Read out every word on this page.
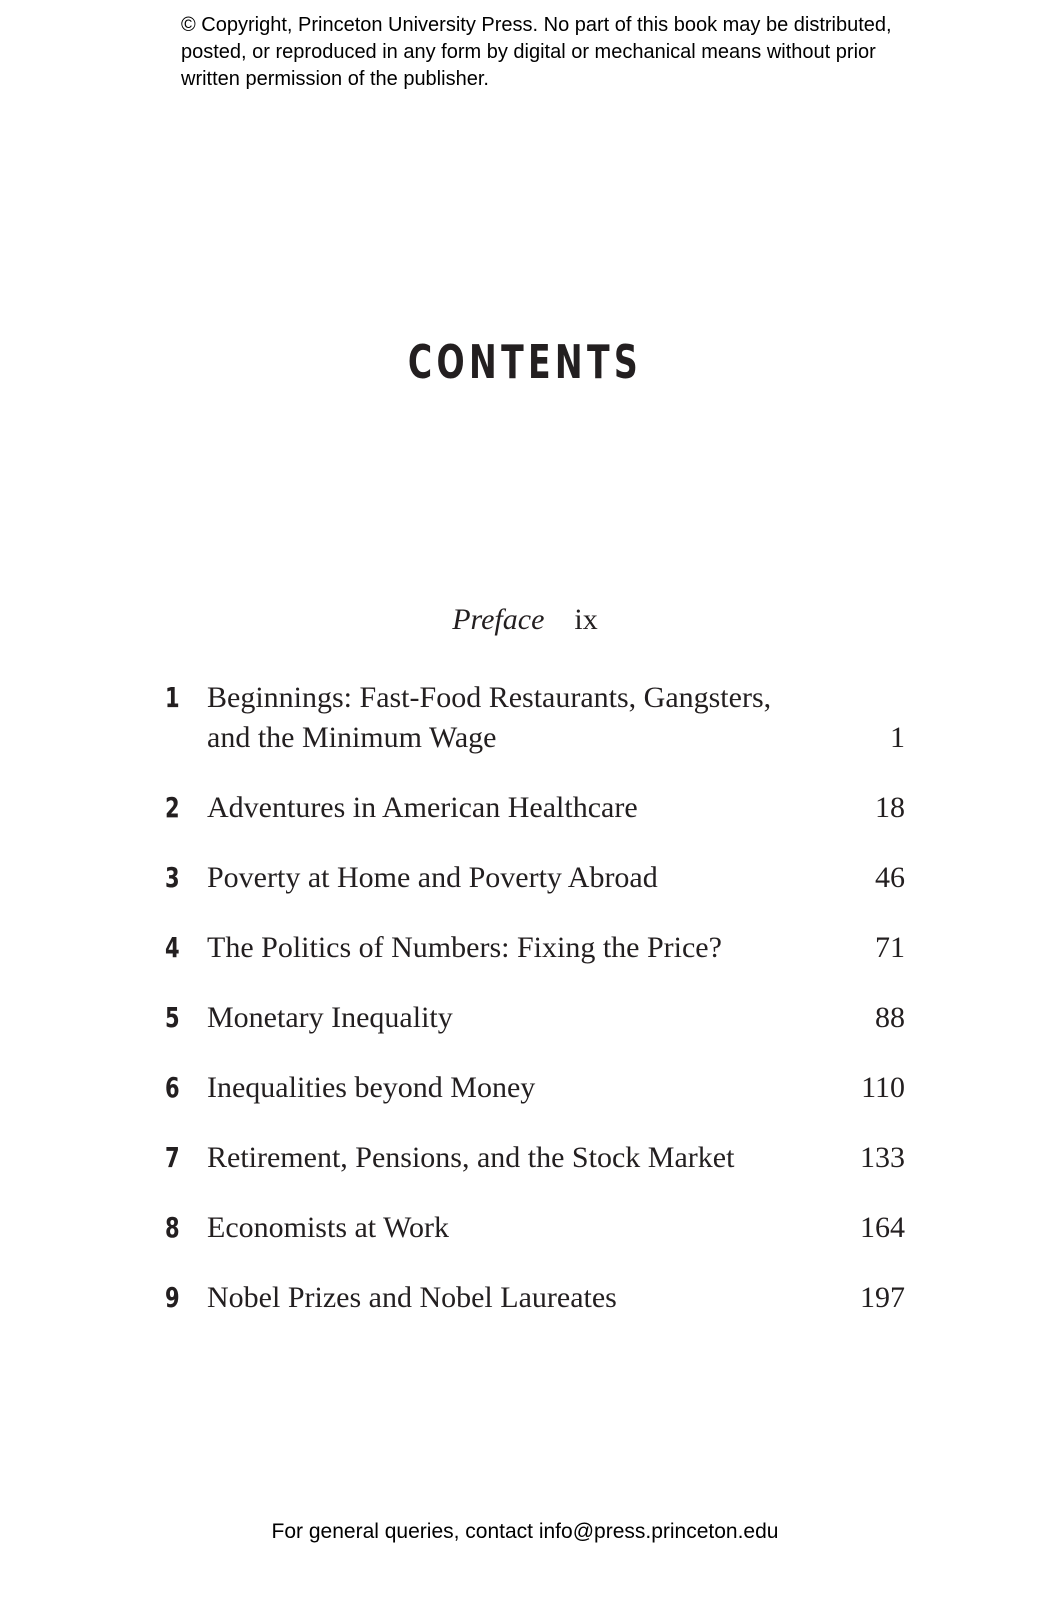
© Copyright, Princeton University Press. No part of this book may be distributed, posted, or reproduced in any form by digital or mechanical means without prior written permission of the publisher.
CONTENTS
Preface ix
1 Beginnings: Fast-Food Restaurants, Gangsters, and the Minimum Wage	1
2 Adventures in American Healthcare	18
3 Poverty at Home and Poverty Abroad	46
4 The Politics of Numbers: Fixing the Price?	71
5 Monetary Inequality	88
6 Inequalities beyond Money	110
7 Retirement, Pensions, and the Stock Market	133
8 Economists at Work	164
9 Nobel Prizes and Nobel Laureates	197
For general queries, contact info@press.princeton.edu
